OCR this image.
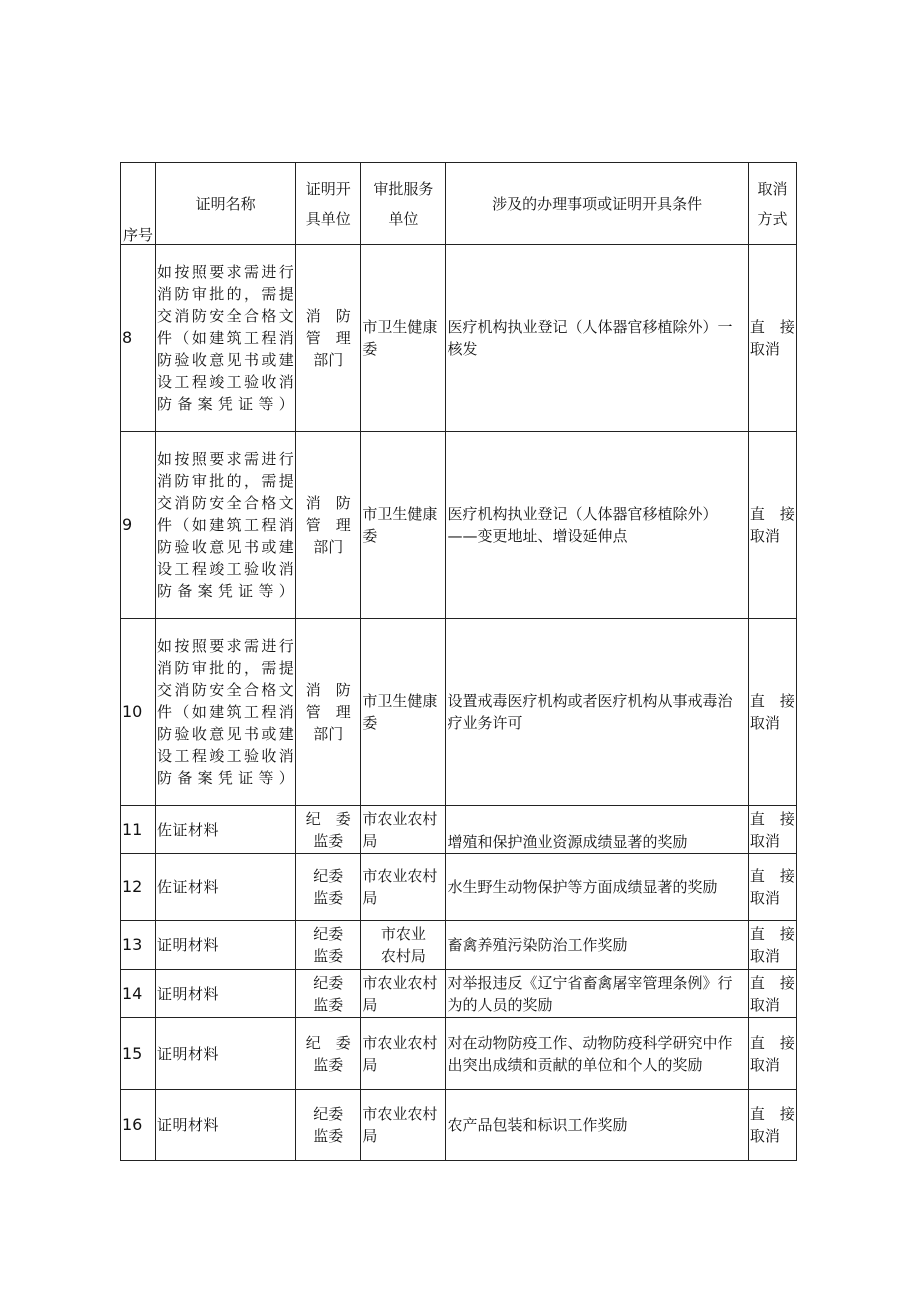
序号	证明名称	证明开
具单位	审批服务
单位	涉及的办理事项或证明开具条件	取消
方式
8	如按照要求需进行消防审批的，需提交消防安全合格文件（如建筑工程消防验收意见书或建设工程竣工验收消防备案凭证等）	消　防
管　理
部门	市卫生健康委	医疗机构执业登记（人体器官移植除外）一核发	直　接
取消
9	如按照要求需进行消防审批的，需提交消防安全合格文件（如建筑工程消防验收意见书或建设工程竣工验收消防备案凭证等）	消　防
管　理
部门	市卫生健康委	医疗机构执业登记（人体器官移植除外）——变更地址、增设延伸点	直　接
取消
10	如按照要求需进行消防审批的，需提交消防安全合格文件（如建筑工程消防验收意见书或建设工程竣工验收消防备案凭证等）	消　防
管　理
部门	市卫生健康委	设置戒毒医疗机构或者医疗机构从事戒毒治疗业务许可	直　接
取消
11	佐证材料	纪　委
监委	市农业农村局	增殖和保护渔业资源成绩显著的奖励	直　接
取消
12	佐证材料	纪委
监委	市农业农村局	水生野生动物保护等方面成绩显著的奖励	直　接
取消
13	证明材料	纪委
监委	市农业
农村局	畜禽养殖污染防治工作奖励	直　接
取消
14	证明材料	纪委
监委	市农业农村局	对举报违反《辽宁省畜禽屠宰管理条例》行为的人员的奖励	直　接
取消
15	证明材料	纪　委
监委	市农业农村局	对在动物防疫工作、动物防疫科学研究中作出突出成绩和贡献的单位和个人的奖励	直　接
取消
16	证明材料	纪委
监委	市农业农村局	农产品包装和标识工作奖励	直　接
取消
